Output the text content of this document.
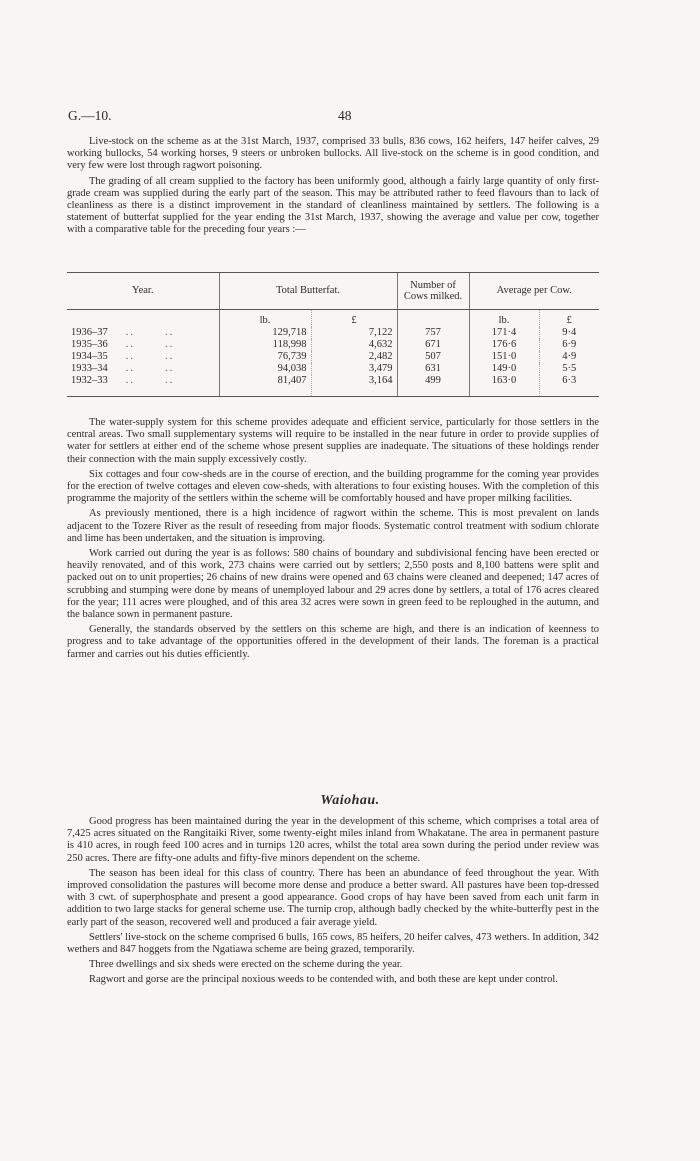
G.—10.	48

Live-stock on the scheme as at the 31st March, 1937, comprised 33 bulls, 836 cows, 162 heifers, 147 heifer calves, 29 working bullocks, 54 working horses, 9 steers or unbroken bullocks. All live-stock on the scheme is in good condition, and very few were lost through ragwort poisoning.

The grading of all cream supplied to the factory has been uniformly good, although a fairly large quantity of only first-grade cream was supplied during the early part of the season. This may be attributed rather to feed flavours than to lack of cleanliness as there is a distinct improvement in the standard of cleanliness maintained by settlers. The following is a statement of butterfat supplied for the year ending the 31st March, 1937, showing the average and value per cow, together with a comparative table for the preceding four years :—

Year.	Total Butterfat.		Number of Cows milked.	Average per Cow.	
	lb.	£		lb.	£
1936–37 .. ..	129,718	7,122	757	171·4	9·4
1935–36 .. ..	118,998	4,632	671	176·6	6·9
1934–35 .. ..	76,739	2,482	507	151·0	4·9
1933–34 .. ..	94,038	3,479	631	149·0	5·5
1932–33 .. ..	81,407	3,164	499	163·0	6·3

The water-supply system for this scheme provides adequate and efficient service, particularly for those settlers in the central areas. Two small supplementary systems will require to be installed in the near future in order to provide supplies of water for settlers at either end of the scheme whose present supplies are inadequate. The situations of these holdings render their connection with the main supply excessively costly.

Six cottages and four cow-sheds are in the course of erection, and the building programme for the coming year provides for the erection of twelve cottages and eleven cow-sheds, with alterations to four existing houses. With the completion of this programme the majority of the settlers within the scheme will be comfortably housed and have proper milking facilities.

As previously mentioned, there is a high incidence of ragwort within the scheme. This is most prevalent on lands adjacent to the Tozere River as the result of reseeding from major floods. Systematic control treatment with sodium chlorate and lime has been undertaken, and the situation is improving.

Work carried out during the year is as follows: 580 chains of boundary and subdivisional fencing have been erected or heavily renovated, and of this work, 273 chains were carried out by settlers; 2,550 posts and 8,100 battens were split and packed out on to unit properties; 26 chains of new drains were opened and 63 chains were cleaned and deepened; 147 acres of scrubbing and stumping were done by means of unemployed labour and 29 acres done by settlers, a total of 176 acres cleared for the year; 111 acres were ploughed, and of this area 32 acres were sown in green feed to be reploughed in the autumn, and the balance sown in permanent pasture.

Generally, the standards observed by the settlers on this scheme are high, and there is an indication of keenness to progress and to take advantage of the opportunities offered in the development of their lands. The foreman is a practical farmer and carries out his duties efficiently.

Waiohau.

Good progress has been maintained during the year in the development of this scheme, which comprises a total area of 7,425 acres situated on the Rangitaiki River, some twenty-eight miles inland from Whakatane. The area in permanent pasture is 410 acres, in rough feed 100 acres and in turnips 120 acres, whilst the total area sown during the period under review was 250 acres. There are fifty-one adults and fifty-five minors dependent on the scheme.

The season has been ideal for this class of country. There has been an abundance of feed throughout the year. With improved consolidation the pastures will become more dense and produce a better sward. All pastures have been top-dressed with 3 cwt. of superphosphate and present a good appearance. Good crops of hay have been saved from each unit farm in addition to two large stacks for general scheme use. The turnip crop, although badly checked by the white-butterfly pest in the early part of the season, recovered well and produced a fair average yield.

Settlers' live-stock on the scheme comprised 6 bulls, 165 cows, 85 heifers, 20 heifer calves, 473 wethers. In addition, 342 wethers and 847 hoggets from the Ngatiawa scheme are being grazed, temporarily.

Three dwellings and six sheds were erected on the scheme during the year.

Ragwort and gorse are the principal noxious weeds to be contended with, and both these are kept under control.
